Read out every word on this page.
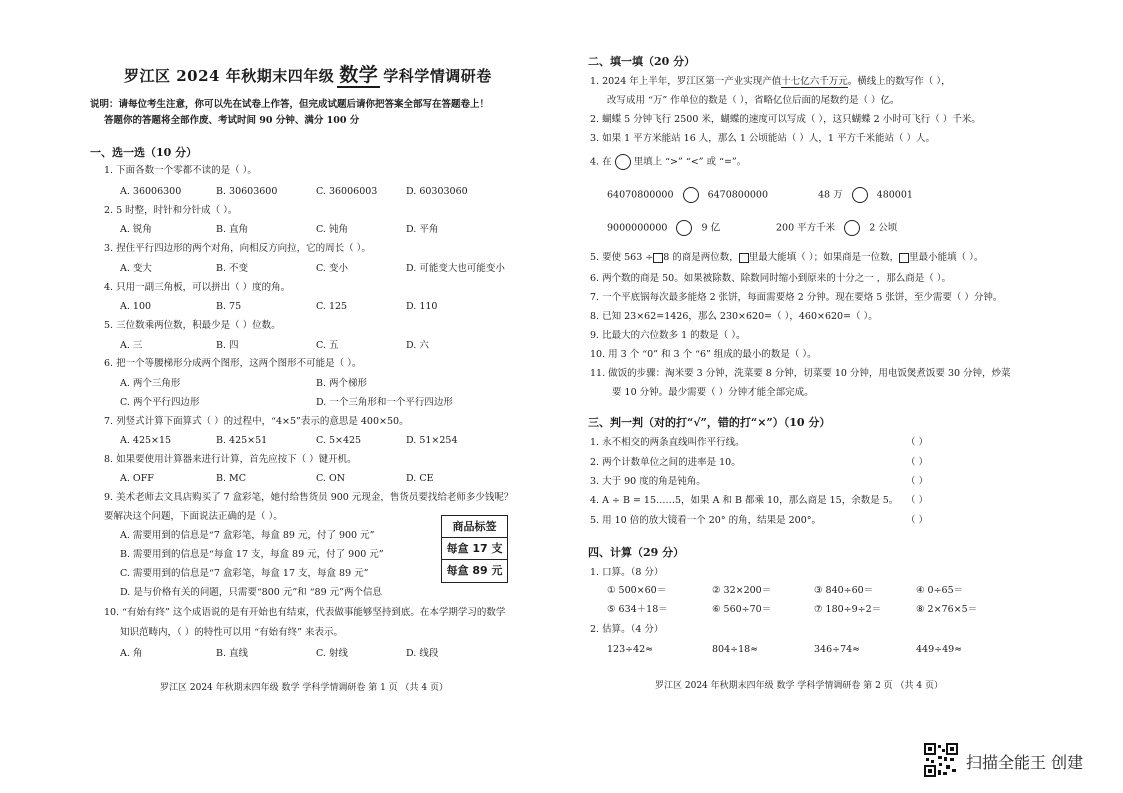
罗江区 2024 年秋期末四年级 数学 学科学情调研卷
说明：请每位考生注意，你可以先在试卷上作答，但完成试题后请你把答案全部写在答题卷上！
答题你的答题将全部作废、考试时间 90 分钟、满分 100 分
一、选一选（10 分）
1. 下面各数一个零都不读的是（ ）。
A. 36006300	B. 30603600	C. 36006003	D. 60303060
2. 5 时整，时针和分针成（ ）。
A. 锐角	B. 直角	C. 钝角	D. 平角
3. 捏住平行四边形的两个对角，向相反方向拉，它的周长（ ）。
A. 变大	B. 不变	C. 变小	D. 可能变大也可能变小
4. 只用一副三角板，可以拼出（ ）度的角。
A. 100	B. 75	C. 125	D. 110
5. 三位数乘两位数，积最少是（ ）位数。
A. 三	B. 四	C. 五	D. 六
6. 把一个等腰梯形分成两个图形，这两个图形不可能是（ ）。
A. 两个三角形	B. 两个梯形
C. 两个平行四边形	D. 一个三角形和一个平行四边形
7. 列竖式计算下面算式（ ）的过程中，“4×5”表示的意思是 400×50。
A. 425×15	B. 425×51	C. 5×425	D. 51×254
8. 如果要使用计算器来进行计算，首先应按下（ ）键开机。
A. OFF	B. MC	C. ON	D. CE
9. 美术老师去文具店购买了 7 盒彩笔，她付给售货员 900 元现金，售货员要找给老师多少钱呢？
要解决这个问题，下面说法正确的是（ ）。
A. 需要用到的信息是“7 盒彩笔，每盒 89 元，付了 900 元”
B. 需要用到的信息是“每盒 17 支，每盒 89 元，付了 900 元”
C. 需要用到的信息是“7 盒彩笔，每盒 17 支，每盒 89 元”
D. 是与价格有关的问题，只需要“800 元”和 “89 元”两个信息
商品标签
每盒 17 支
每盒 89 元
10. “有始有终” 这个成语说的是有开始也有结束，代表做事能够坚持到底。在本学期学习的数学
知识范畴内，（ ）的特性可以用 “有始有终” 来表示。
A. 角	B. 直线	C. 射线	D. 线段
罗江区 2024 年秋期末四年级 数学 学科学情调研卷 第 1 页 （共 4 页）
二、填一填（20 分）
1. 2024 年上半年，罗江区第一产业实现产值十七亿六千万元。横线上的数写作（ ），
改写成用 “万” 作单位的数是（ ），省略亿位后面的尾数约是（ ）亿。
2. 蝴蝶 5 分钟飞行 2500 米，蝴蝶的速度可以写成（ ），这只蝴蝶 2 小时可飞行（ ）千米。
3. 如果 1 平方米能站 16 人，那么 1 公顷能站（ ）人，1 平方千米能站（ ）人。
4. 在 里填上 “>” “<” 或 “=”。
64070800000	6470800000	48 万	480001
9000000000	9 亿	200 平方千米	2 公顷
5. 要使 563 ÷ 8 的商是两位数， 里最大能填（ ）；如果商是一位数， 里最小能填（ ）。
6. 两个数的商是 50。如果被除数、除数同时缩小到原来的十分之一 ，那么商是（ ）。
7. 一个平底锅每次最多能烙 2 张饼，每面需要烙 2 分钟。现在要烙 5 张饼，至少需要（ ）分钟。
8. 已知 23×62=1426，那么 230×620=（ ），460×620=（ ）。
9. 比最大的六位数多 1 的数是（ ）。
10. 用 3 个 “0” 和 3 个 “6” 组成的最小的数是（ ）。
11. 做饭的步骤：淘米要 3 分钟，洗菜要 8 分钟，切菜要 10 分钟，用电饭煲煮饭要 30 分钟，炒菜
要 10 分钟。最少需要（ ）分钟才能全部完成。
三、判一判（对的打“√”，错的打“×”）（10 分）
1. 永不相交的两条直线叫作平行线。	（ ）
2. 两个计数单位之间的进率是 10。	（ ）
3. 大于 90 度的角是钝角。	（ ）
4. A ÷ B = 15……5，如果 A 和 B 都乘 10，那么商是 15，余数是 5。 （ ）
5. 用 10 倍的放大镜看一个 20° 的角，结果是 200°。	（ ）
四、计算（29 分）
1. 口算。（8 分）
① 500×60＝	② 32×200＝	③ 840÷60＝	④ 0÷65＝
⑤ 634＋18＝	⑥ 560÷70＝	⑦ 180÷9÷2＝	⑧ 2×76×5＝
2. 估算。（4 分）
123÷42≈	804÷18≈	346÷74≈	449÷49≈
罗江区 2024 年秋期末四年级 数学 学科学情调研卷 第 2 页 （共 4 页）
扫描全能王 创建
